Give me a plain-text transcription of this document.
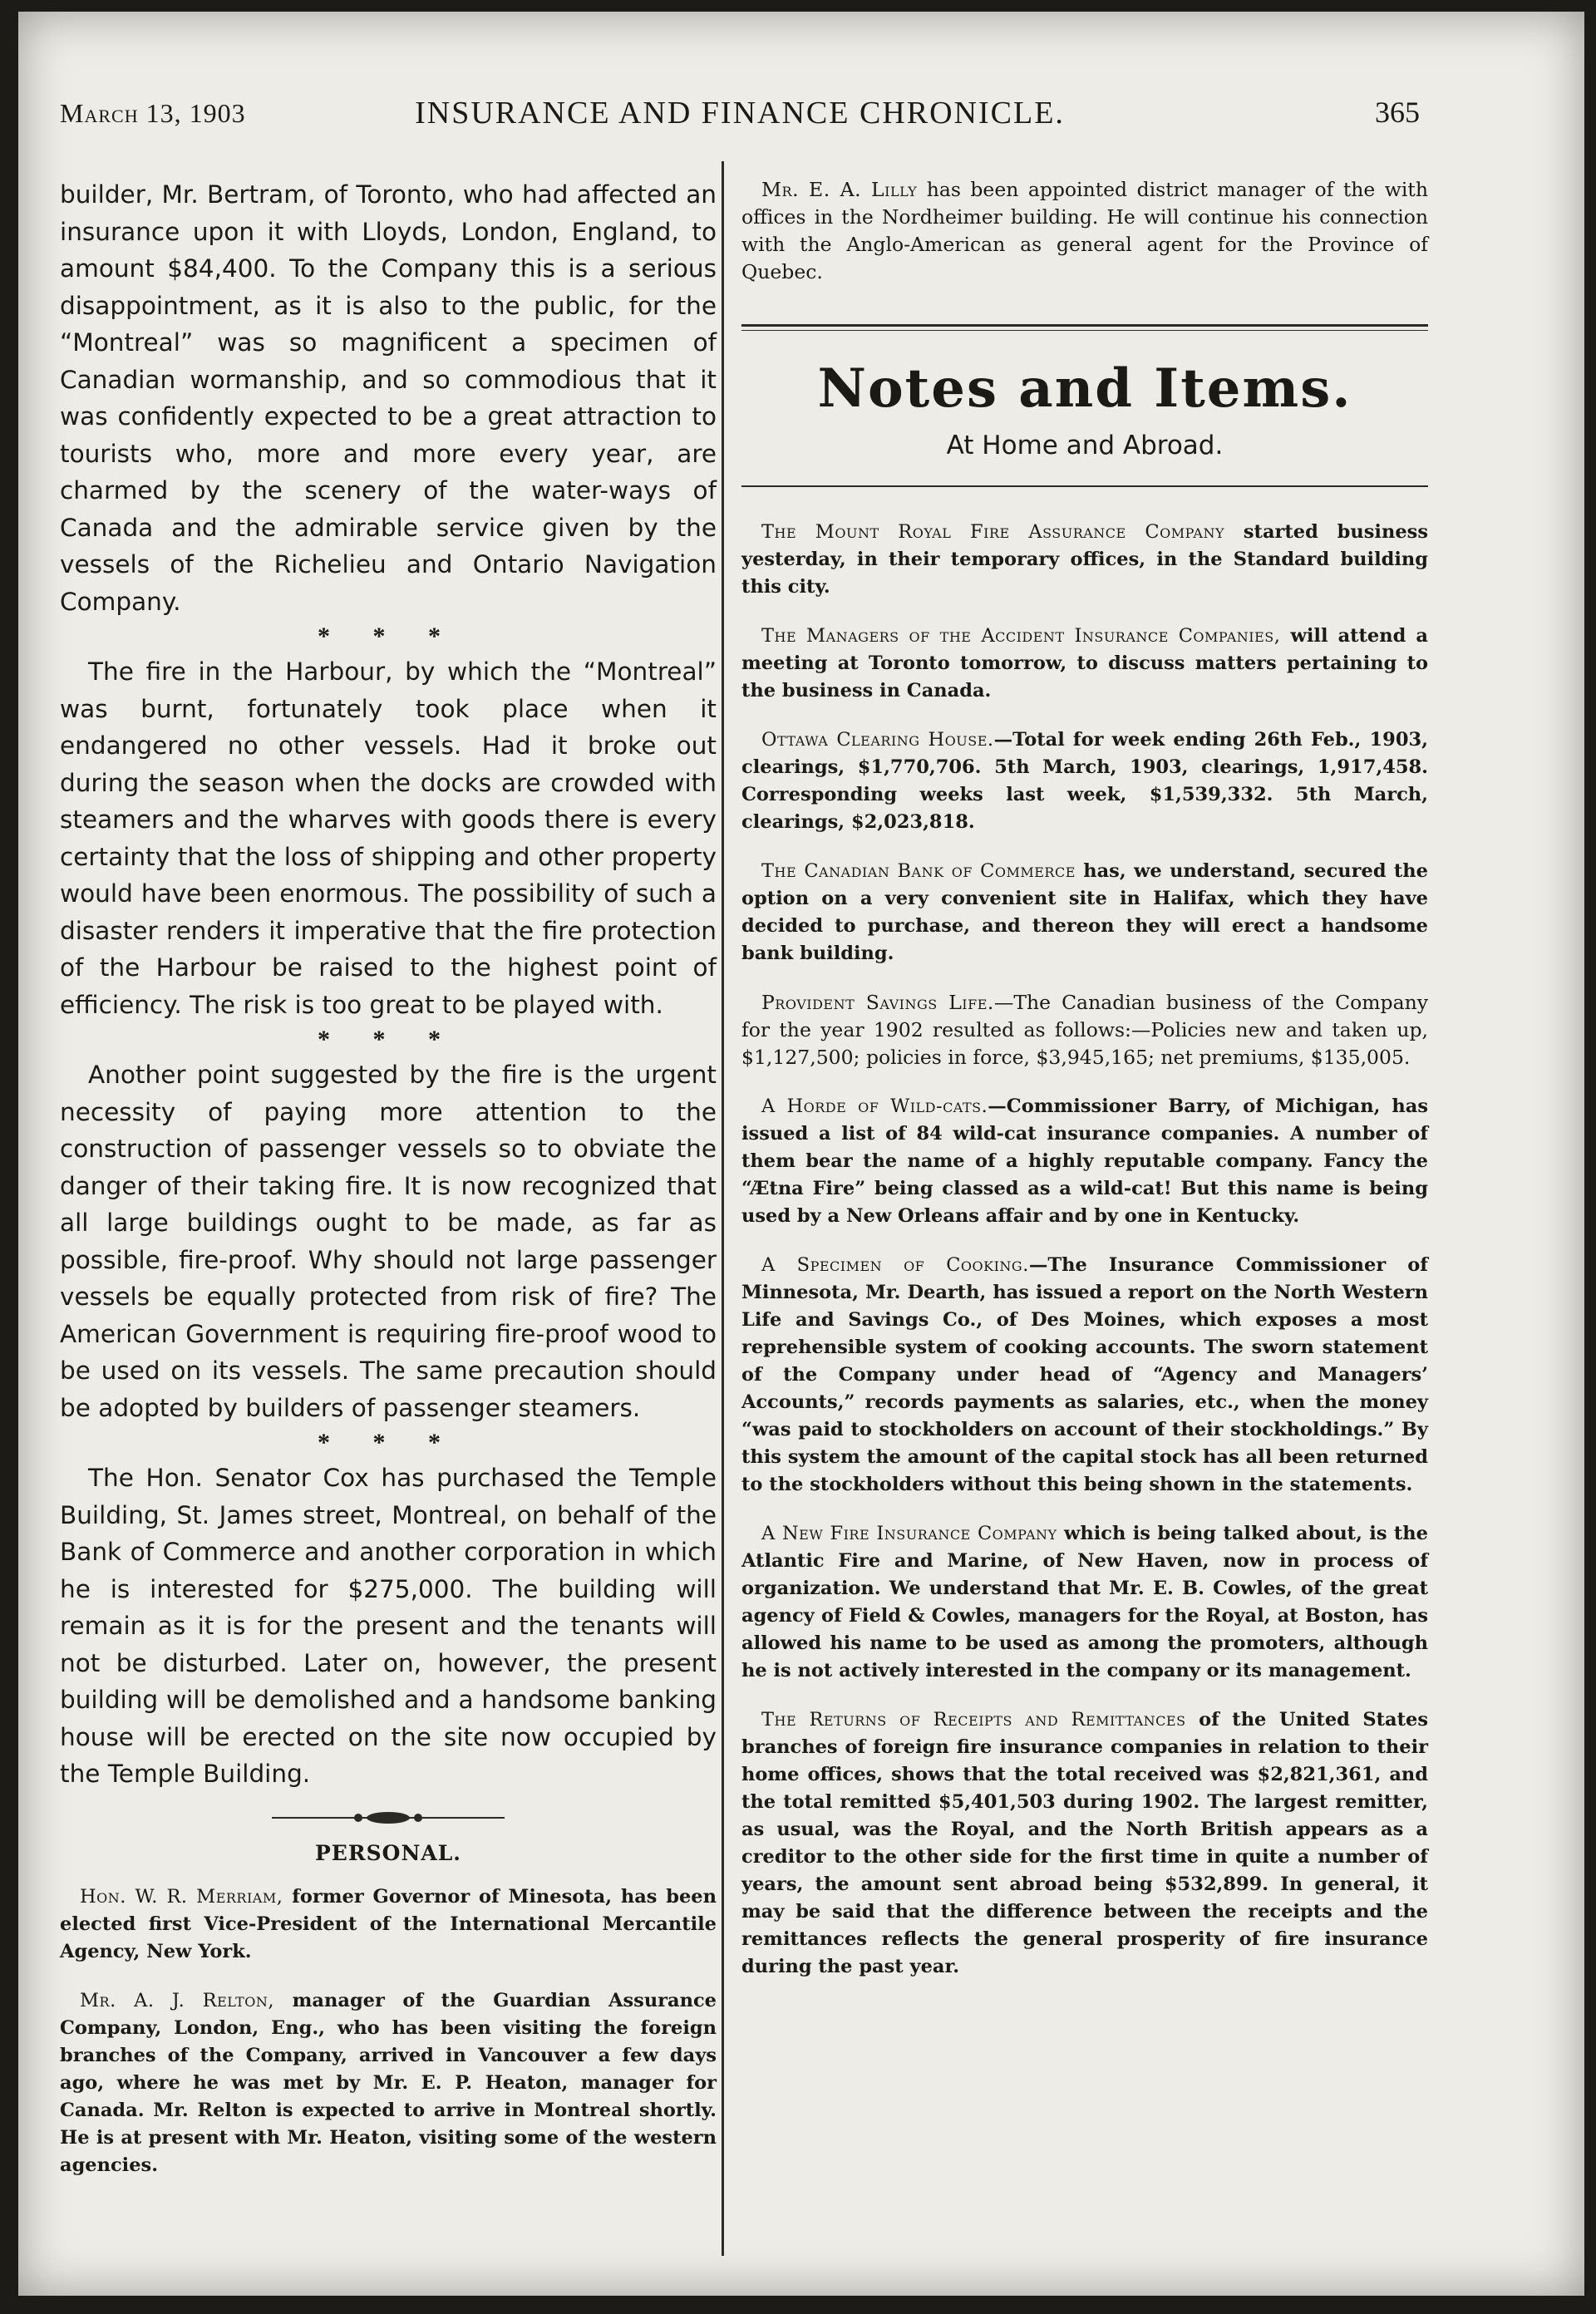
March 13, 1903	INSURANCE AND FINANCE CHRONICLE.	365

builder, Mr. Bertram, of Toronto, who had affected an insurance upon it with Lloyds, London, England, to amount $84,400. To the Company this is a serious disappointment, as it is also to the public, for the “Montreal” was so magnificent a specimen of Canadian wormanship, and so commodious that it was confidently expected to be a great attraction to tourists who, more and more every year, are charmed by the scenery of the water-ways of Canada and the admirable service given by the vessels of the Richelieu and Ontario Navigation Company.

* * *

The fire in the Harbour, by which the “Montreal” was burnt, fortunately took place when it endangered no other vessels. Had it broke out during the season when the docks are crowded with steamers and the wharves with goods there is every certainty that the loss of shipping and other property would have been enormous. The possibility of such a disaster renders it imperative that the fire protection of the Harbour be raised to the highest point of efficiency. The risk is too great to be played with.

* * *

Another point suggested by the fire is the urgent necessity of paying more attention to the construction of passenger vessels so to obviate the danger of their taking fire. It is now recognized that all large buildings ought to be made, as far as possible, fire-proof. Why should not large passenger vessels be equally protected from risk of fire? The American Government is requiring fire-proof wood to be used on its vessels. The same precaution should be adopted by builders of passenger steamers.

* * *

The Hon. Senator Cox has purchased the Temple Building, St. James street, Montreal, on behalf of the Bank of Commerce and another corporation in which he is interested for $275,000. The building will remain as it is for the present and the tenants will not be disturbed. Later on, however, the present building will be demolished and a handsome banking house will be erected on the site now occupied by the Temple Building.

PERSONAL.

Hon. W. R. Merriam, former Governor of Minesota, has been elected first Vice-President of the International Mercantile Agency, New York.

Mr. A. J. Relton, manager of the Guardian Assurance Company, London, Eng., who has been visiting the foreign branches of the Company, arrived in Vancouver a few days ago, where he was met by Mr. E. P. Heaton, manager for Canada. Mr. Relton is expected to arrive in Montreal shortly. He is at present with Mr. Heaton, visiting some of the western agencies.

Mr. E. A. Lilly has been appointed district manager of the with offices in the Nordheimer building. He will continue his connection with the Anglo-American as general agent for the Province of Quebec.

Notes and Items.
At Home and Abroad.

The Mount Royal Fire Assurance Company started business yesterday, in their temporary offices, in the Standard building this city.

The Managers of the Accident Insurance Companies, will attend a meeting at Toronto tomorrow, to discuss matters pertaining to the business in Canada.

Ottawa Clearing House.—Total for week ending 26th Feb., 1903, clearings, $1,770,706. 5th March, 1903, clearings, 1,917,458. Corresponding weeks last week, $1,539,332. 5th March, clearings, $2,023,818.

The Canadian Bank of Commerce has, we understand, secured the option on a very convenient site in Halifax, which they have decided to purchase, and thereon they will erect a handsome bank building.

Provident Savings Life.—The Canadian business of the Company for the year 1902 resulted as follows:—Policies new and taken up, $1,127,500; policies in force, $3,945,165; net premiums, $135,005.

A Horde of Wild-cats.—Commissioner Barry, of Michigan, has issued a list of 84 wild-cat insurance companies. A number of them bear the name of a highly reputable company. Fancy the “Ætna Fire” being classed as a wild-cat! But this name is being used by a New Orleans affair and by one in Kentucky.

A Specimen of Cooking.—The Insurance Commissioner of Minnesota, Mr. Dearth, has issued a report on the North Western Life and Savings Co., of Des Moines, which exposes a most reprehensible system of cooking accounts. The sworn statement of the Company under head of “Agency and Managers’ Accounts,” records payments as salaries, etc., when the money “was paid to stockholders on account of their stockholdings.” By this system the amount of the capital stock has all been returned to the stockholders without this being shown in the statements.

A New Fire Insurance Company which is being talked about, is the Atlantic Fire and Marine, of New Haven, now in process of organization. We understand that Mr. E. B. Cowles, of the great agency of Field & Cowles, managers for the Royal, at Boston, has allowed his name to be used as among the promoters, although he is not actively interested in the company or its management.

The Returns of Receipts and Remittances of the United States branches of foreign fire insurance companies in relation to their home offices, shows that the total received was $2,821,361, and the total remitted $5,401,503 during 1902. The largest remitter, as usual, was the Royal, and the North British appears as a creditor to the other side for the first time in quite a number of years, the amount sent abroad being $532,899. In general, it may be said that the difference between the receipts and the remittances reflects the general prosperity of fire insurance during the past year.
